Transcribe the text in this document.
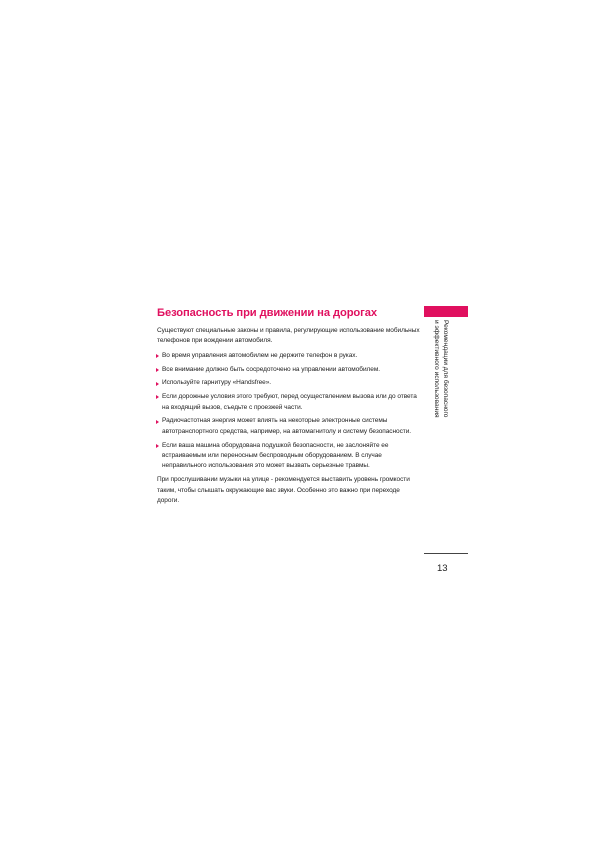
Безопасность при движении на дорогах

Существуют специальные законы и правила, регулирующие использование мобильных телефонов при вождении автомобиля.

Во время управления автомобилем не держите телефон в руках.
Все внимание должно быть сосредоточено на управлении автомобилем.
Используйте гарнитуру «Handsfree».
Если дорожные условия этого требуют, перед осуществлением вызова или до ответа на входящий вызов, съедьте с проезжей части.
Радиочастотная энергия может влиять на некоторые электронные системы автотранспортного средства, например, на автомагнитолу и систему безопасности.
Если ваша машина оборудована подушкой безопасности, не заслоняйте ее встраиваемым или переносным беспроводным оборудованием. В случае неправильного использования это может вызвать серьезные травмы.

При прослушивании музыки на улице - рекомендуется выставить уровень громкости таким, чтобы слышать окружающие вас звуки. Особенно это важно при переходе дороги.

Рекомендации для безопасного
и эффективного использования
13
